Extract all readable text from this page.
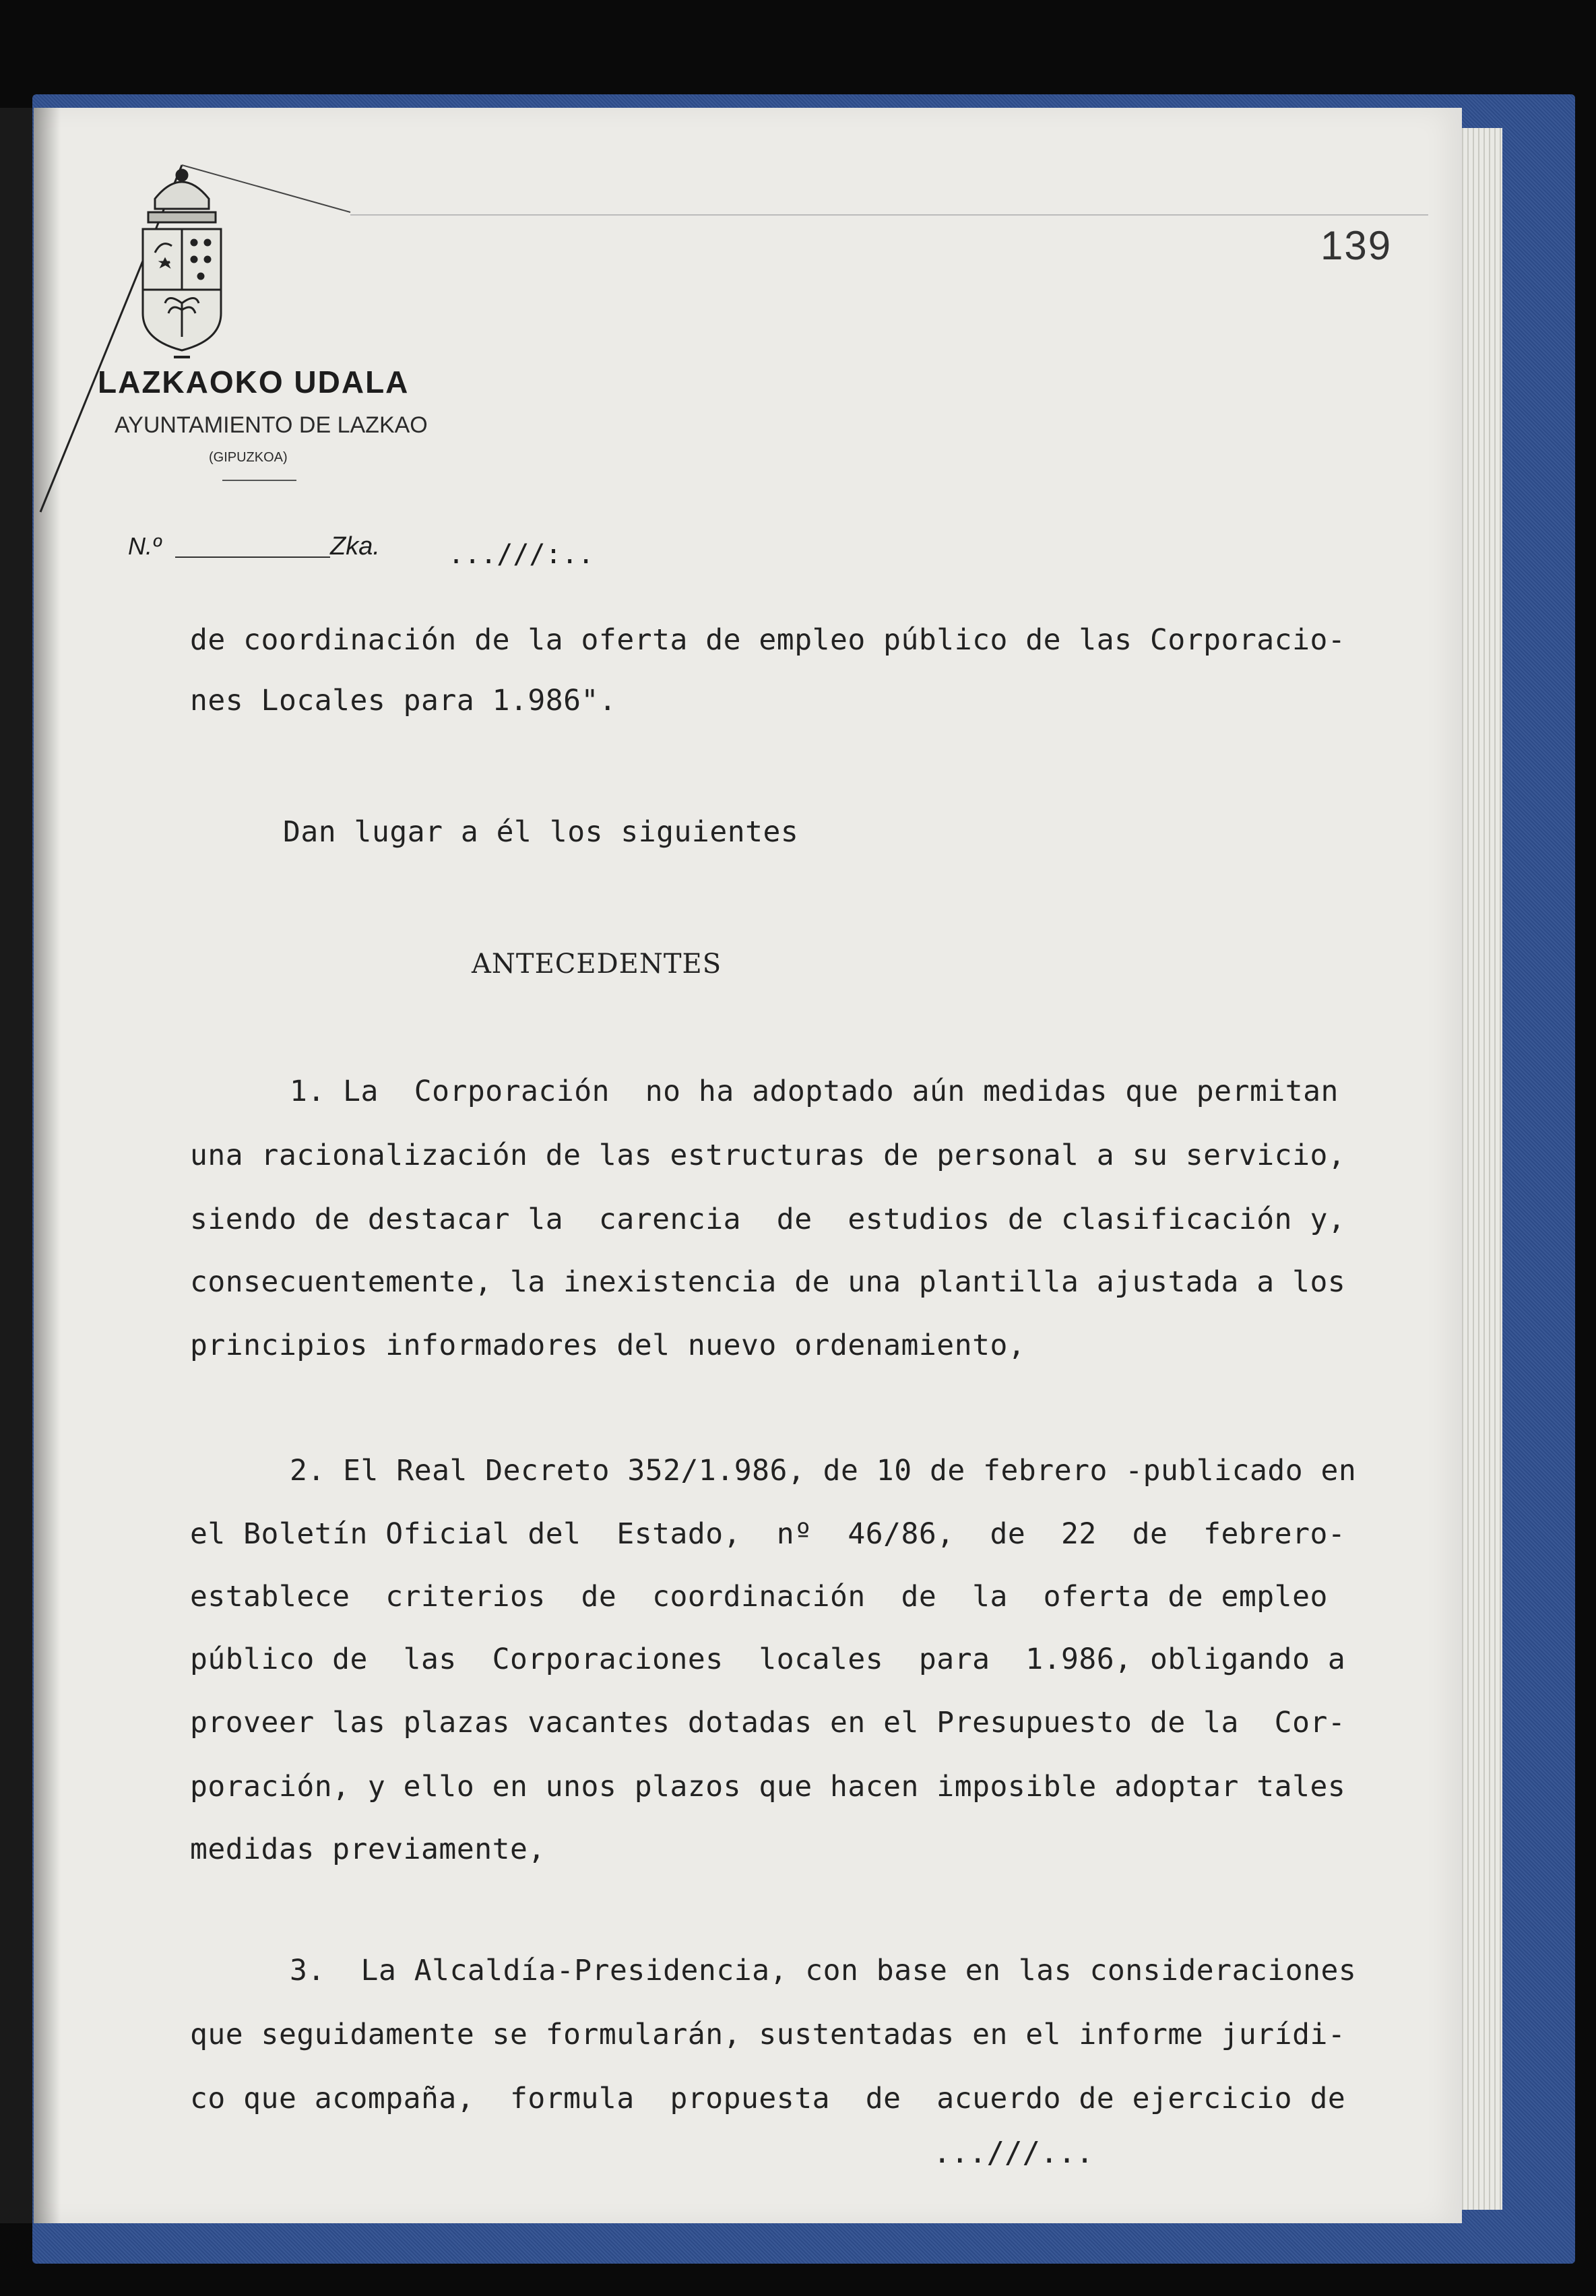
LAZKAOKO UDALA
AYUNTAMIENTO DE LAZKAO
(GIPUZKOA)
N.º	Zka.	...///:..
139
de coordinación de la oferta de empleo público de las Corporacio-
nes Locales para 1.986".
Dan lugar a él los siguientes
1. La  Corporación  no ha adoptado aún medidas que permitan
una racionalización de las estructuras de personal a su servicio,
siendo de destacar la  carencia  de  estudios de clasificación y,
consecuentemente, la inexistencia de una plantilla ajustada a los
principios informadores del nuevo ordenamiento,
2. El Real Decreto 352/1.986, de 10 de febrero -publicado en
el Boletín Oficial del  Estado,  nº  46/86,  de  22  de  febrero-
establece  criterios  de  coordinación  de  la  oferta de empleo
público de  las  Corporaciones  locales  para  1.986, obligando a
proveer las plazas vacantes dotadas en el Presupuesto de la  Cor-
poración, y ello en unos plazos que hacen imposible adoptar tales
medidas previamente,
3.  La Alcaldía-Presidencia, con base en las consideraciones
que seguidamente se formularán, sustentadas en el informe jurídi-
co que acompaña,  formula  propuesta  de  acuerdo de ejercicio de
ANTECEDENTES
...///...
